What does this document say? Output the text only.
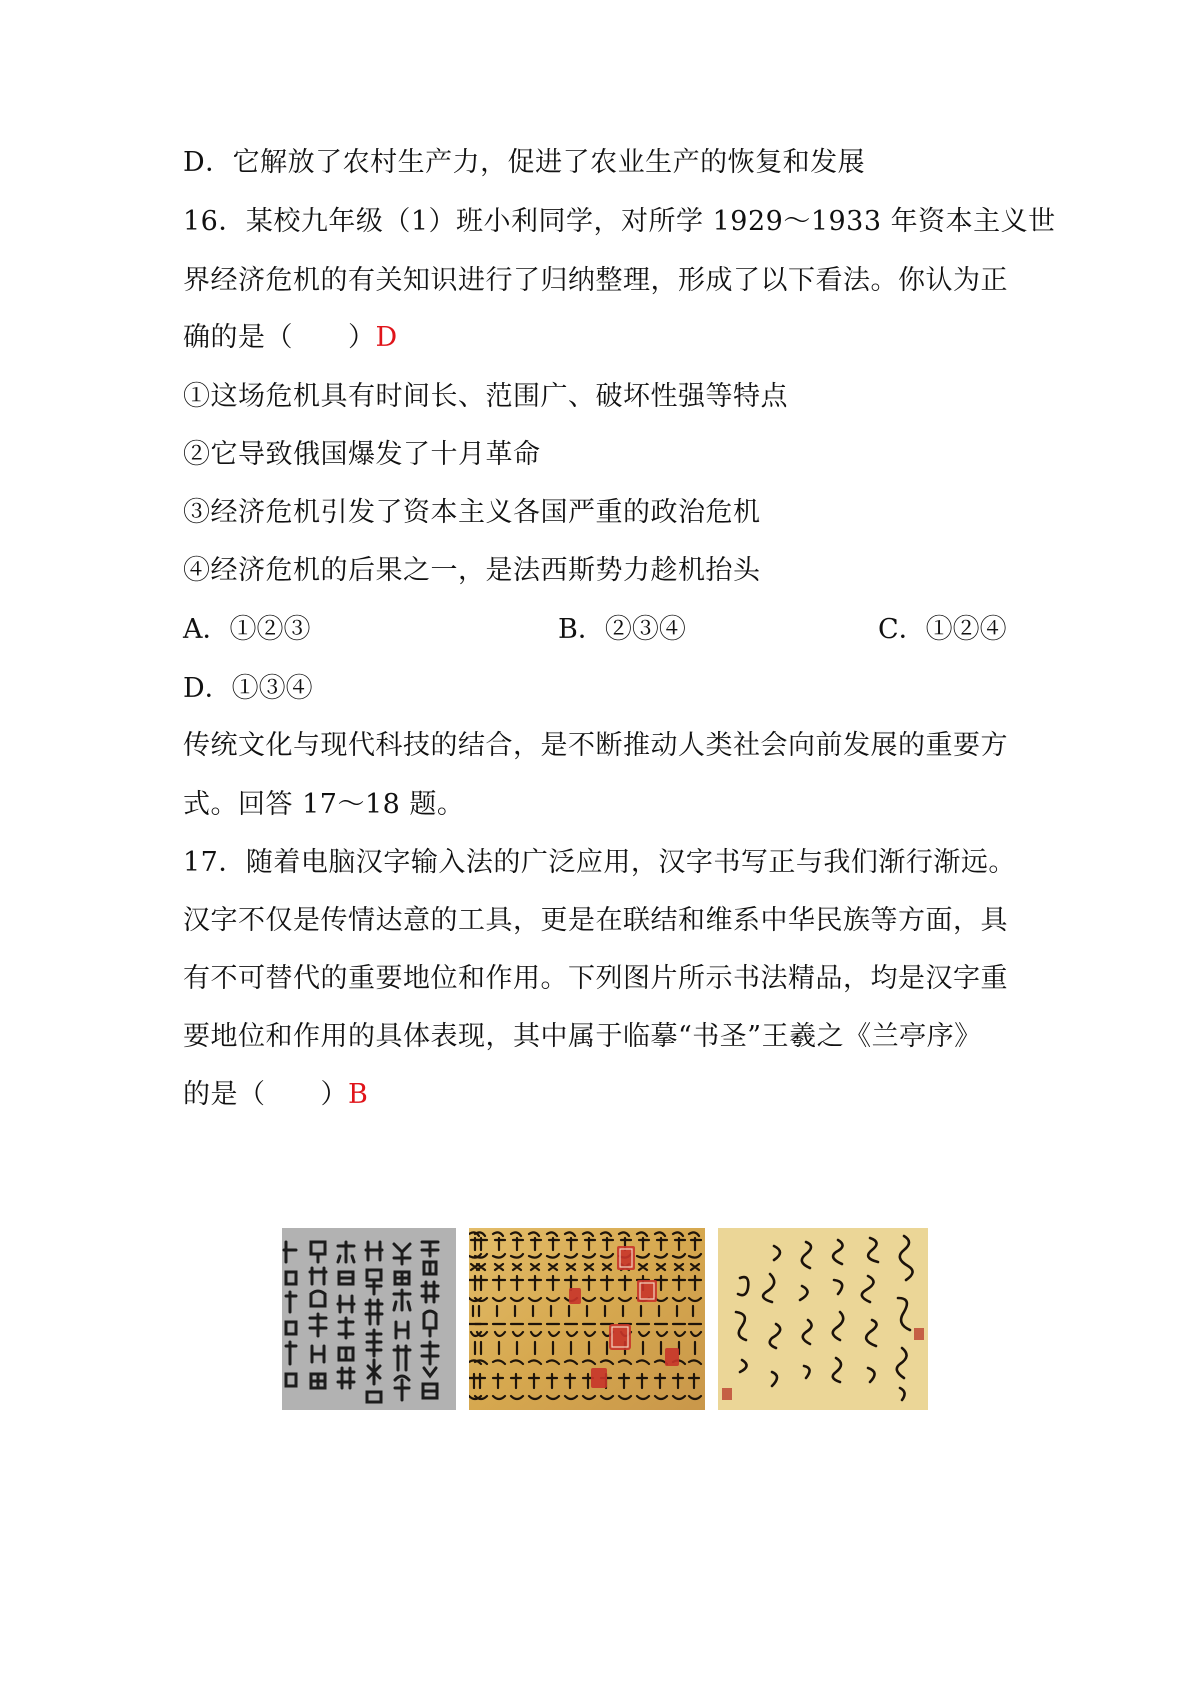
D．它解放了农村生产力，促进了农业生产的恢复和发展
16．某校九年级（1）班小利同学，对所学 1929～1933 年资本主义世
界经济危机的有关知识进行了归纳整理，形成了以下看法。你认为正
确的是（　　）D
①这场危机具有时间长、范围广、破坏性强等特点
②它导致俄国爆发了十月革命
③经济危机引发了资本主义各国严重的政治危机
④经济危机的后果之一，是法西斯势力趁机抬头
A．①②③	B．②③④	C．①②④
D．①③④
传统文化与现代科技的结合，是不断推动人类社会向前发展的重要方
式。回答 17～18 题。
17．随着电脑汉字输入法的广泛应用，汉字书写正与我们渐行渐远。
汉字不仅是传情达意的工具，更是在联结和维系中华民族等方面，具
有不可替代的重要地位和作用。下列图片所示书法精品，均是汉字重
要地位和作用的具体表现，其中属于临摹“书圣”王羲之《兰亭序》
的是（　　）B
